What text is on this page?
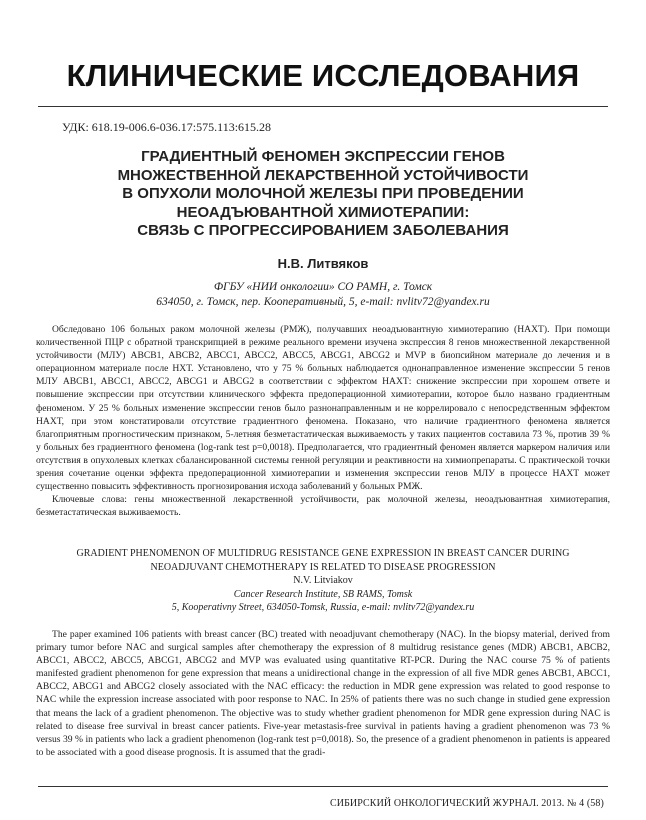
КЛИНИЧЕСКИЕ ИССЛЕДОВАНИЯ
УДК: 618.19-006.6-036.17:575.113:615.28
ГРАДИЕНТНЫЙ ФЕНОМЕН ЭКСПРЕССИИ ГЕНОВ
МНОЖЕСТВЕННОЙ ЛЕКАРСТВЕННОЙ УСТОЙЧИВОСТИ
В ОПУХОЛИ МОЛОЧНОЙ ЖЕЛЕЗЫ ПРИ ПРОВЕДЕНИИ
НЕОАДЪЮВАНТНОЙ ХИМИОТЕРАПИИ:
СВЯЗЬ С ПРОГРЕССИРОВАНИЕМ ЗАБОЛЕВАНИЯ
Н.В. Литвяков
ФГБУ «НИИ онкологии» СО РАМН, г. Томск
634050, г. Томск, пер. Кооперативный, 5, e-mail: nvlitv72@yandex.ru

Обследовано 106 больных раком молочной железы (РМЖ), получавших неоадъювантную химиотерапию (НАХТ). При помощи количественной ПЦР с обратной транскрипцией в режиме реального времени изучена экспрессия 8 генов множественной лекарственной устойчивости (МЛУ) ABCB1, ABCB2, ABCC1, ABCC2, ABCC5, ABCG1, ABCG2 и MVP в биопсийном материале до лечения и в операционном материале после НХТ. Установлено, что у 75 % больных наблюдается однонаправленное изменение экспрессии 5 генов МЛУ ABCB1, ABCC1, ABCC2, ABCG1 и ABCG2 в соответствии с эффектом НАХТ: снижение экспрессии при хорошем ответе и повышение экспрессии при отсутствии клинического эффекта предоперационной химиотерапии, которое было названо градиентным феноменом. У 25 % больных изменение экспрессии генов было разнонаправленным и не коррелировало с непосредственным эффектом НАХТ, при этом констатировали отсутствие градиентного феномена. Показано, что наличие градиентного феномена является благоприятным прогностическим признаком, 5-летняя безметастатическая выживаемость у таких пациентов составила 73 %, против 39 % у больных без градиентного феномена (log-rank test p=0,0018). Предполагается, что градиентный феномен является маркером наличия или отсутствия в опухолевых клетках сбалансированной системы генной регуляции и реактивности на химиопрепараты. С практической точки зрения сочетание оценки эффекта предоперационной химиотерапии и изменения экспрессии генов МЛУ в процессе НАХТ может существенно повысить эффективность прогнозирования исхода заболеваний у больных РМЖ.

Ключевые слова: гены множественной лекарственной устойчивости, рак молочной железы, неоадъювантная химиотерапия, безметастатическая выживаемость.

GRADIENT PHENOMENON OF MULTIDRUG RESISTANCE GENE EXPRESSION IN BREAST CANCER DURING
NEOADJUVANT CHEMOTHERAPY IS RELATED TO DISEASE PROGRESSION
N.V. Litviakov
Cancer Research Institute, SB RAMS, Tomsk
5, Kooperativny Street, 634050-Tomsk, Russia, e-mail: nvlitv72@yandex.ru

The paper examined 106 patients with breast cancer (BC) treated with neoadjuvant chemotherapy (NAC). In the biopsy material, derived from primary tumor before NAC and surgical samples after chemotherapy the expression of 8 multidrug resistance genes (MDR) ABCB1, ABCB2, ABCC1, ABCC2, ABCC5, ABCG1, ABCG2 and MVP was evaluated using quantitative RT-PCR. During the NAC course 75 % of patients manifested gradient phenomenon for gene expression that means a unidirectional change in the expression of all five MDR genes ABCB1, ABCC1, ABCC2, ABCG1 and ABCG2 closely associated with the NAC efficacy: the reduction in MDR gene expression was related to good response to NAC while the expression increase associated with poor response to NAC. In 25% of patients there was no such change in studied gene expression that means the lack of a gradient phenomenon. The objective was to study whether gradient phenomenon for MDR gene expression during NAC is related to disease free survival in breast cancer patients. Five-year metastasis-free survival in patients having a gradient phenomenon was 73 % versus 39 % in patients who lack a gradient phenomenon (log-rank test p=0,0018). So, the presence of a gradient phenomenon in patients is appeared to be associated with a good disease prognosis. It is assumed that the gradi-

СИБИРСКИЙ ОНКОЛОГИЧЕСКИЙ ЖУРНАЛ. 2013. № 4 (58)
